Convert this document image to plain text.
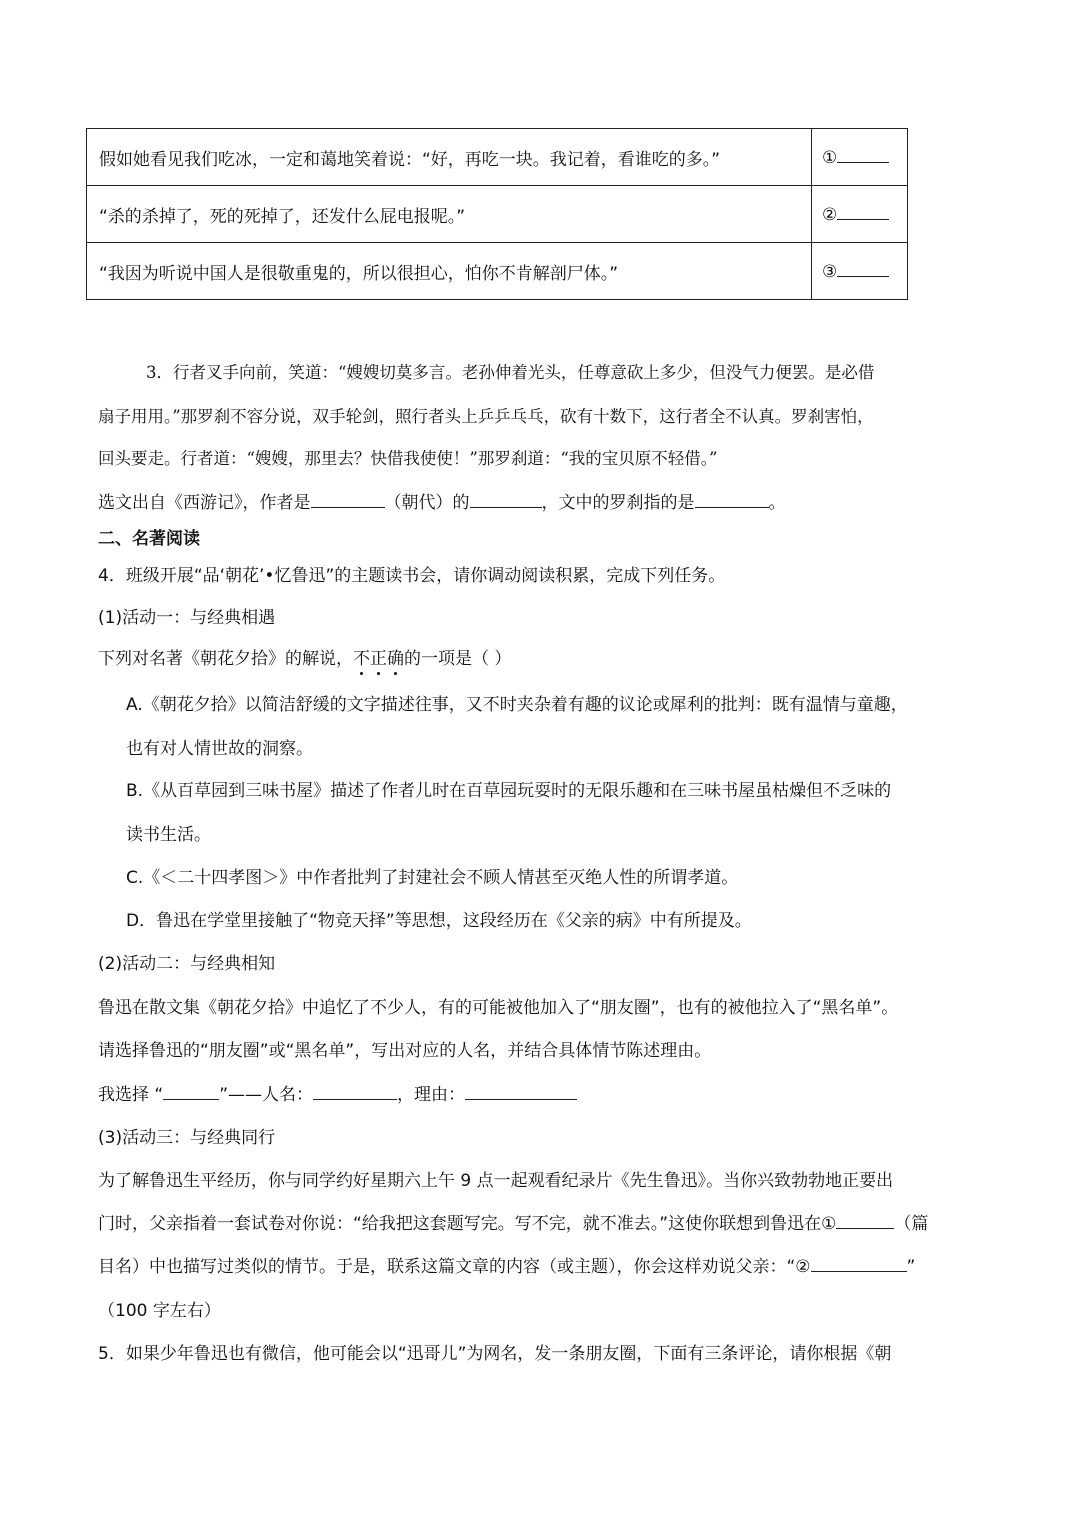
假如她看见我们吃冰，一定和蔼地笑着说：“好，再吃一块。我记着，看谁吃的多。”	①
“杀的杀掉了，死的死掉了，还发什么屁电报呢。”	②
“我因为听说中国人是很敬重鬼的，所以很担心，怕你不肯解剖尸体。”	③
3．行者叉手向前，笑道：“嫂嫂切莫多言。老孙伸着光头，任尊意砍上多少，但没气力便罢。是必借
扇子用用。”那罗刹不容分说，双手轮剑，照行者头上乒乒乓乓，砍有十数下，这行者全不认真。罗刹害怕，
回头要走。行者道：“嫂嫂，那里去？快借我使使！”那罗刹道：“我的宝贝原不轻借。”
选文出自《西游记》，作者是	（朝代）的	，文中的罗刹指的是	。
二、名著阅读
4．班级开展“品‘朝花’•忆鲁迅”的主题读书会，请你调动阅读积累，完成下列任务。
(1)活动一：与经典相遇
下列对名著《朝花夕拾》的解说，不正确的一项是（ ）
A.《朝花夕拾》以简洁舒缓的文字描述往事，又不时夹杂着有趣的议论或犀利的批判：既有温情与童趣，
也有对人情世故的洞察。
B.《从百草园到三味书屋》描述了作者儿时在百草园玩耍时的无限乐趣和在三味书屋虽枯燥但不乏味的
读书生活。
C.《＜二十四孝图＞》中作者批判了封建社会不顾人情甚至灭绝人性的所谓孝道。
D．鲁迅在学堂里接触了“物竞天择”等思想，这段经历在《父亲的病》中有所提及。
(2)活动二：与经典相知
鲁迅在散文集《朝花夕拾》中追忆了不少人，有的可能被他加入了“朋友圈”，也有的被他拉入了“黑名单”。
请选择鲁迅的“朋友圈”或“黑名单”，写出对应的人名，并结合具体情节陈述理由。
我选择 “	”——人名：	，理由：
(3)活动三：与经典同行
为了解鲁迅生平经历，你与同学约好星期六上午 9 点一起观看纪录片《先生鲁迅》。当你兴致勃勃地正要出
门时，父亲指着一套试卷对你说：“给我把这套题写完。写不完，就不准去。”这使你联想到鲁迅在①	（篇
目名）中也描写过类似的情节。于是，联系这篇文章的内容（或主题），你会这样劝说父亲：“②	”
（100 字左右）
5．如果少年鲁迅也有微信，他可能会以“迅哥儿”为网名，发一条朋友圈，下面有三条评论，请你根据《朝
